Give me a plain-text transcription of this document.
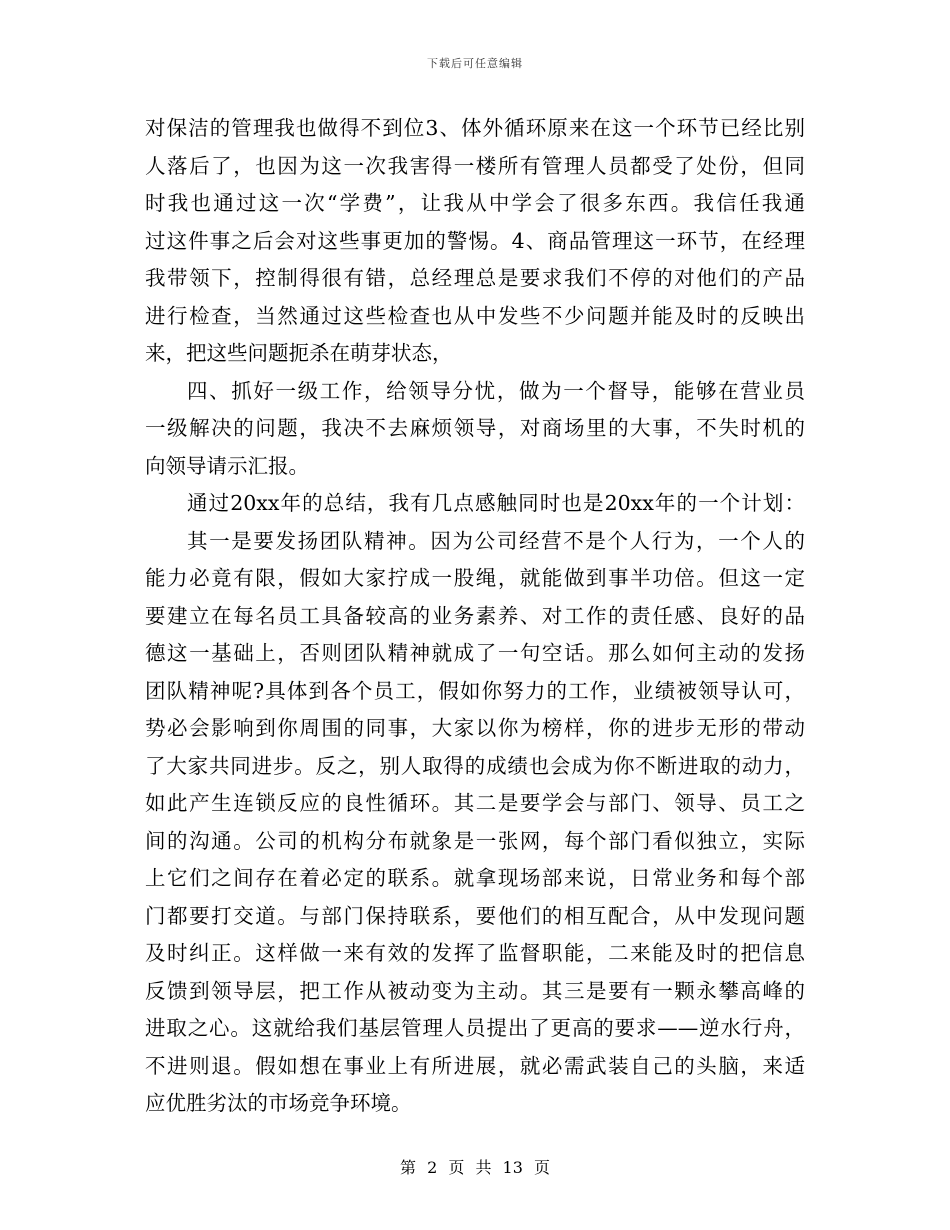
下载后可任意编辑
对保洁的管理我也做得不到位3、体外循环原来在这一个环节已经比别
人落后了，也因为这一次我害得一楼所有管理人员都受了处份，但同
时我也通过这一次“学费”，让我从中学会了很多东西。我信任我通
过这件事之后会对这些事更加的警惕。4、商品管理这一环节，在经理
我带领下，控制得很有错，总经理总是要求我们不停的对他们的产品
进行检查，当然通过这些检查也从中发些不少问题并能及时的反映出
来，把这些问题扼杀在萌芽状态，
四、抓好一级工作，给领导分忧，做为一个督导，能够在营业员
一级解决的问题，我决不去麻烦领导，对商场里的大事，不失时机的
向领导请示汇报。
通过20xx年的总结，我有几点感触同时也是20xx年的一个计划：
其一是要发扬团队精神。因为公司经营不是个人行为，一个人的
能力必竟有限，假如大家拧成一股绳，就能做到事半功倍。但这一定
要建立在每名员工具备较高的业务素养、对工作的责任感、良好的品
德这一基础上，否则团队精神就成了一句空话。那么如何主动的发扬
团队精神呢?具体到各个员工，假如你努力的工作，业绩被领导认可，
势必会影响到你周围的同事，大家以你为榜样，你的进步无形的带动
了大家共同进步。反之，别人取得的成绩也会成为你不断进取的动力，
如此产生连锁反应的良性循环。其二是要学会与部门、领导、员工之
间的沟通。公司的机构分布就象是一张网，每个部门看似独立，实际
上它们之间存在着必定的联系。就拿现场部来说，日常业务和每个部
门都要打交道。与部门保持联系，要他们的相互配合，从中发现问题
及时纠正。这样做一来有效的发挥了监督职能，二来能及时的把信息
反馈到领导层，把工作从被动变为主动。其三是要有一颗永攀高峰的
进取之心。这就给我们基层管理人员提出了更高的要求——逆水行舟，
不进则退。假如想在事业上有所进展，就必需武装自己的头脑，来适
应优胜劣汰的市场竞争环境。
第 2 页 共 13 页
